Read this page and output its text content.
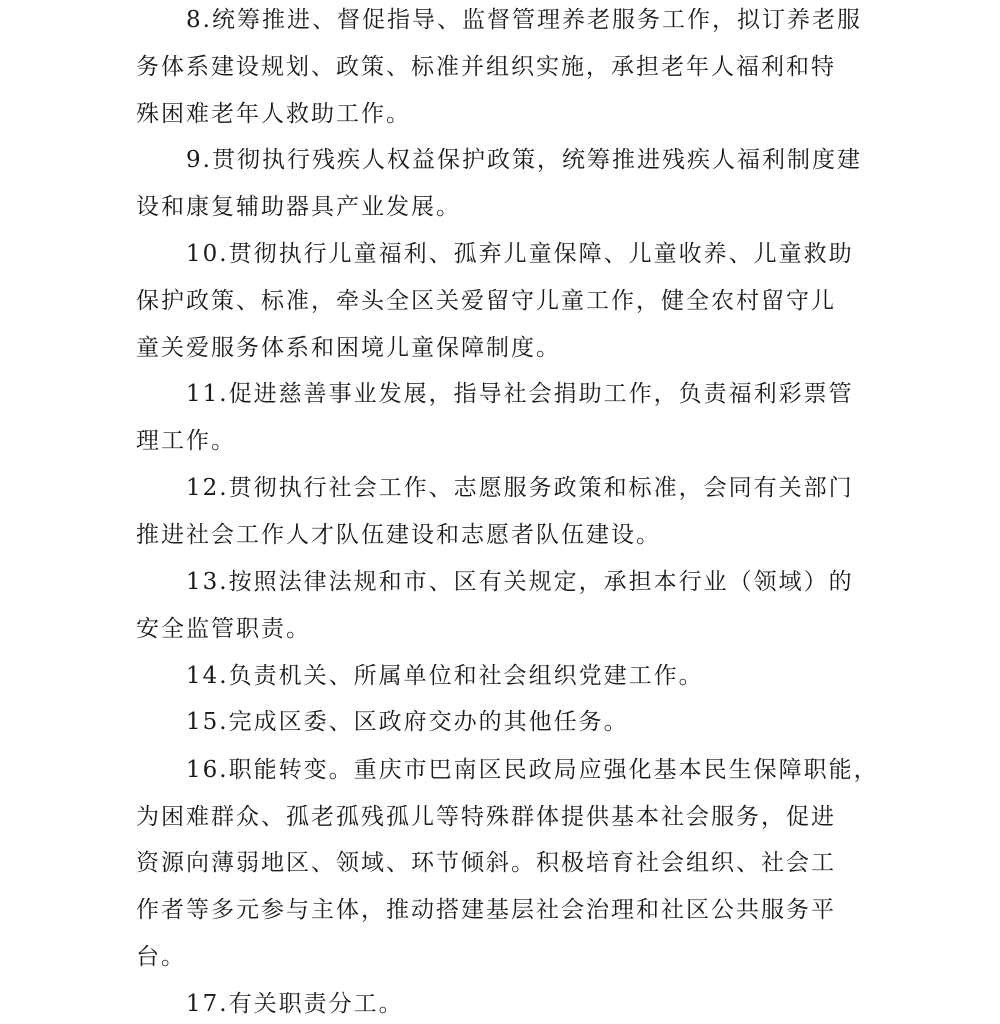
8.统筹推进、督促指导、监督管理养老服务工作，拟订养老服
务体系建设规划、政策、标准并组织实施，承担老年人福利和特
殊困难老年人救助工作。
9.贯彻执行残疾人权益保护政策，统筹推进残疾人福利制度建
设和康复辅助器具产业发展。
10.贯彻执行儿童福利、孤弃儿童保障、儿童收养、儿童救助
保护政策、标准，牵头全区关爱留守儿童工作，健全农村留守儿
童关爱服务体系和困境儿童保障制度。
11.促进慈善事业发展，指导社会捐助工作，负责福利彩票管
理工作。
12.贯彻执行社会工作、志愿服务政策和标准，会同有关部门
推进社会工作人才队伍建设和志愿者队伍建设。
13.按照法律法规和市、区有关规定，承担本行业（领域）的
安全监管职责。
14.负责机关、所属单位和社会组织党建工作。
15.完成区委、区政府交办的其他任务。
16.职能转变。重庆市巴南区民政局应强化基本民生保障职能，
为困难群众、孤老孤残孤儿等特殊群体提供基本社会服务，促进
资源向薄弱地区、领域、环节倾斜。积极培育社会组织、社会工
作者等多元参与主体，推动搭建基层社会治理和社区公共服务平
台。
17.有关职责分工。
